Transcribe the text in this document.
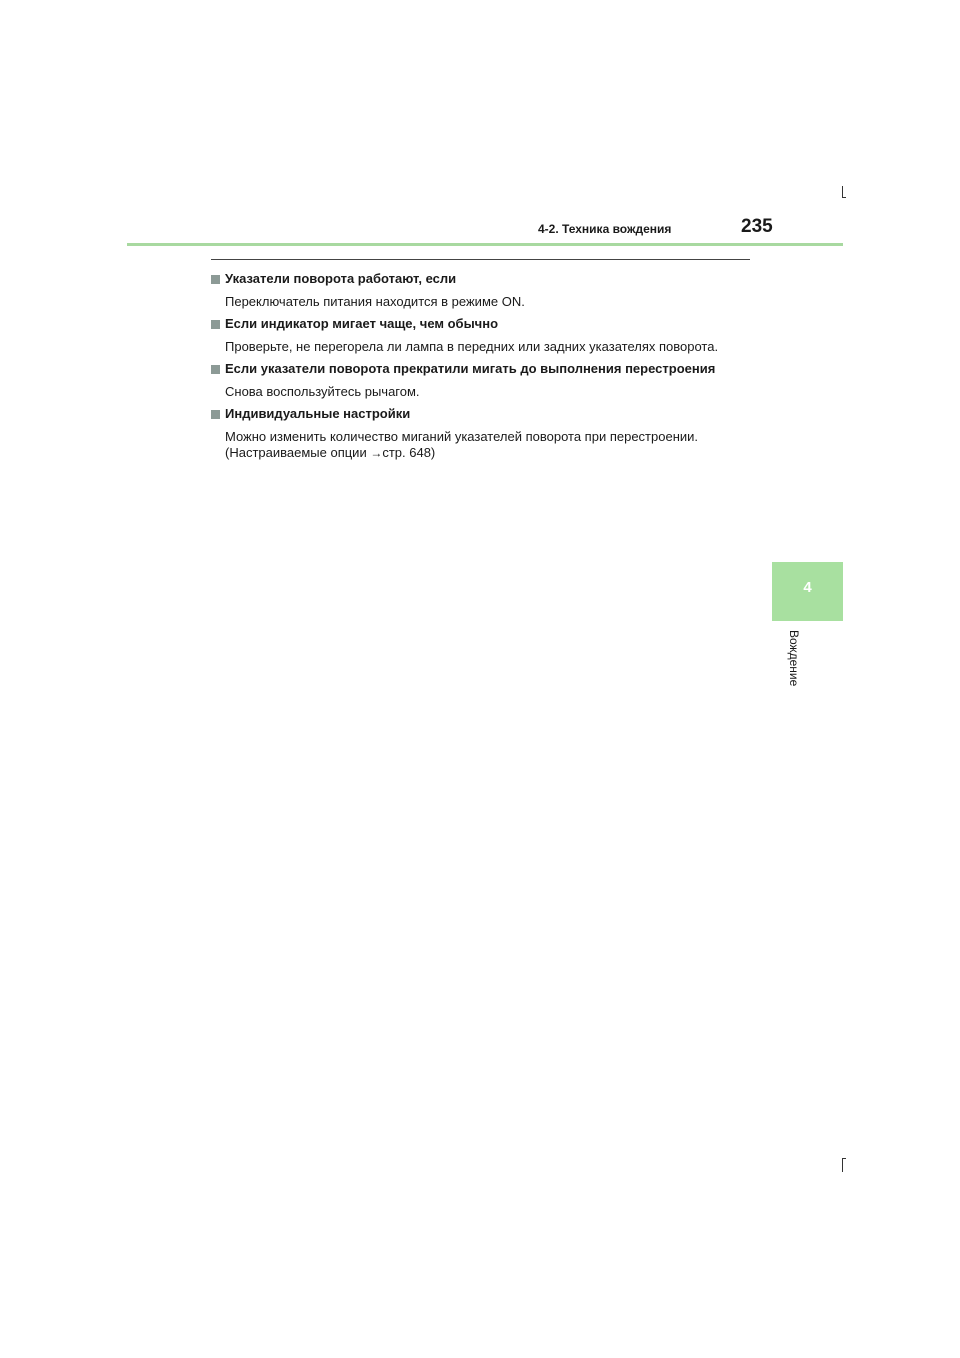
4-2. Техника вождения	235
Указатели поворота работают, если
Переключатель питания находится в режиме ON.
Если индикатор мигает чаще, чем обычно
Проверьте, не перегорела ли лампа в передних или задних указателях поворота.
Если указатели поворота прекратили мигать до выполнения перестроения
Снова воспользуйтесь рычагом.
Индивидуальные настройки
Можно изменить количество миганий указателей поворота при перестроении.
(Настраиваемые опции →стр. 648)
4
Вождение
